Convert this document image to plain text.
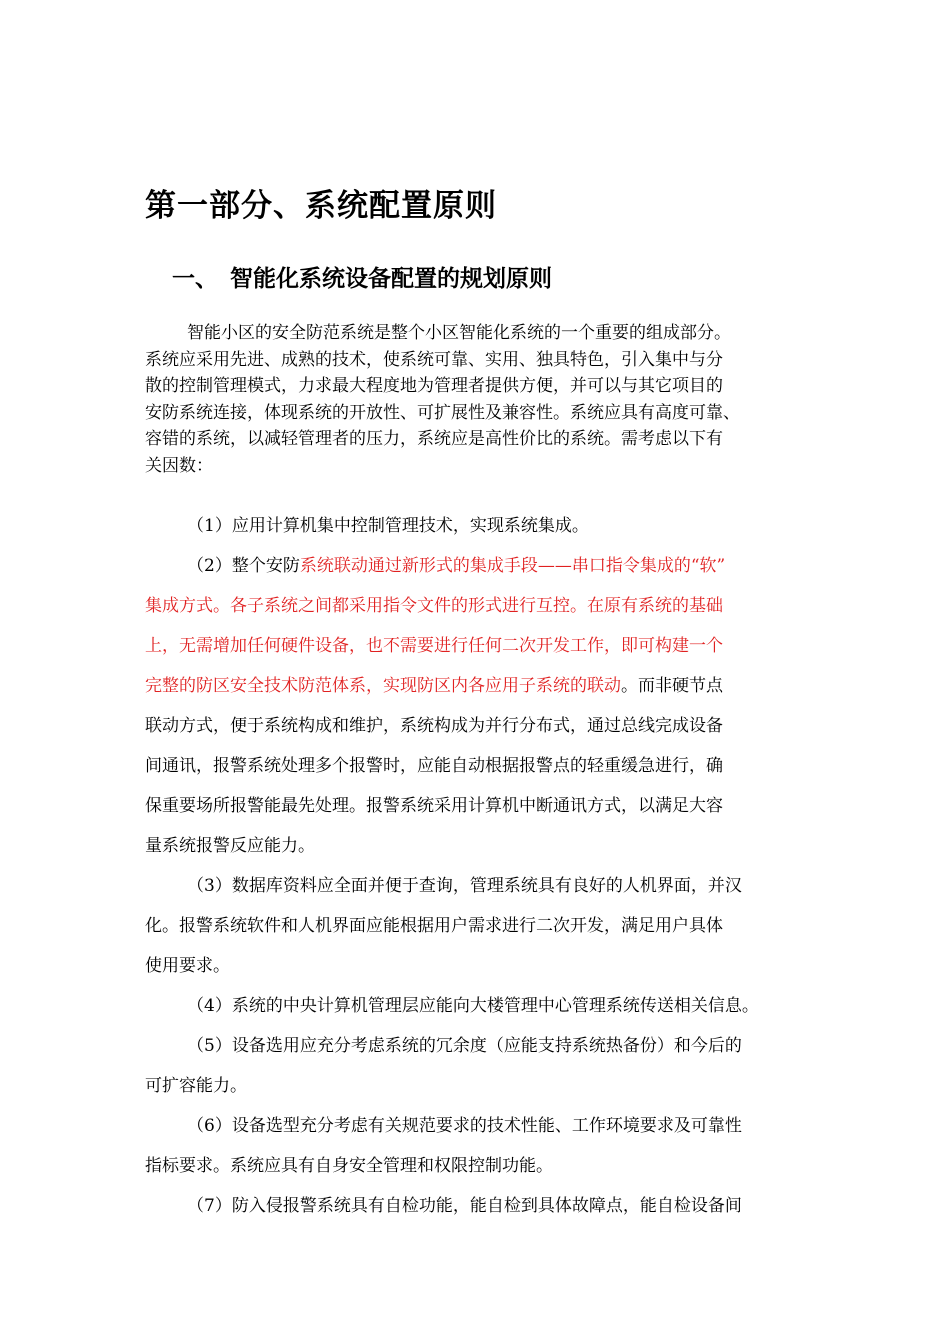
第一部分、系统配置原则
一、 智能化系统设备配置的规划原则

智能小区的安全防范系统是整个小区智能化系统的一个重要的组成部分。
系统应采用先进、成熟的技术，使系统可靠、实用、独具特色，引入集中与分
散的控制管理模式，力求最大程度地为管理者提供方便，并可以与其它项目的
安防系统连接，体现系统的开放性、可扩展性及兼容性。系统应具有高度可靠、
容错的系统，以减轻管理者的压力，系统应是高性价比的系统。需考虑以下有
关因数：

（1）应用计算机集中控制管理技术，实现系统集成。
（2）整个安防系统联动通过新形式的集成手段——串口指令集成的“软”
集成方式。各子系统之间都采用指令文件的形式进行互控。在原有系统的基础
上，无需增加任何硬件设备，也不需要进行任何二次开发工作，即可构建一个
完整的防区安全技术防范体系，实现防区内各应用子系统的联动。而非硬节点
联动方式，便于系统构成和维护，系统构成为并行分布式，通过总线完成设备
间通讯，报警系统处理多个报警时，应能自动根据报警点的轻重缓急进行，确
保重要场所报警能最先处理。报警系统采用计算机中断通讯方式，以满足大容
量系统报警反应能力。
（3）数据库资料应全面并便于查询，管理系统具有良好的人机界面，并汉
化。报警系统软件和人机界面应能根据用户需求进行二次开发，满足用户具体
使用要求。
（4）系统的中央计算机管理层应能向大楼管理中心管理系统传送相关信息。
（5）设备选用应充分考虑系统的冗余度（应能支持系统热备份）和今后的
可扩容能力。
（6）设备选型充分考虑有关规范要求的技术性能、工作环境要求及可靠性
指标要求。系统应具有自身安全管理和权限控制功能。
（7）防入侵报警系统具有自检功能，能自检到具体故障点，能自检设备间
